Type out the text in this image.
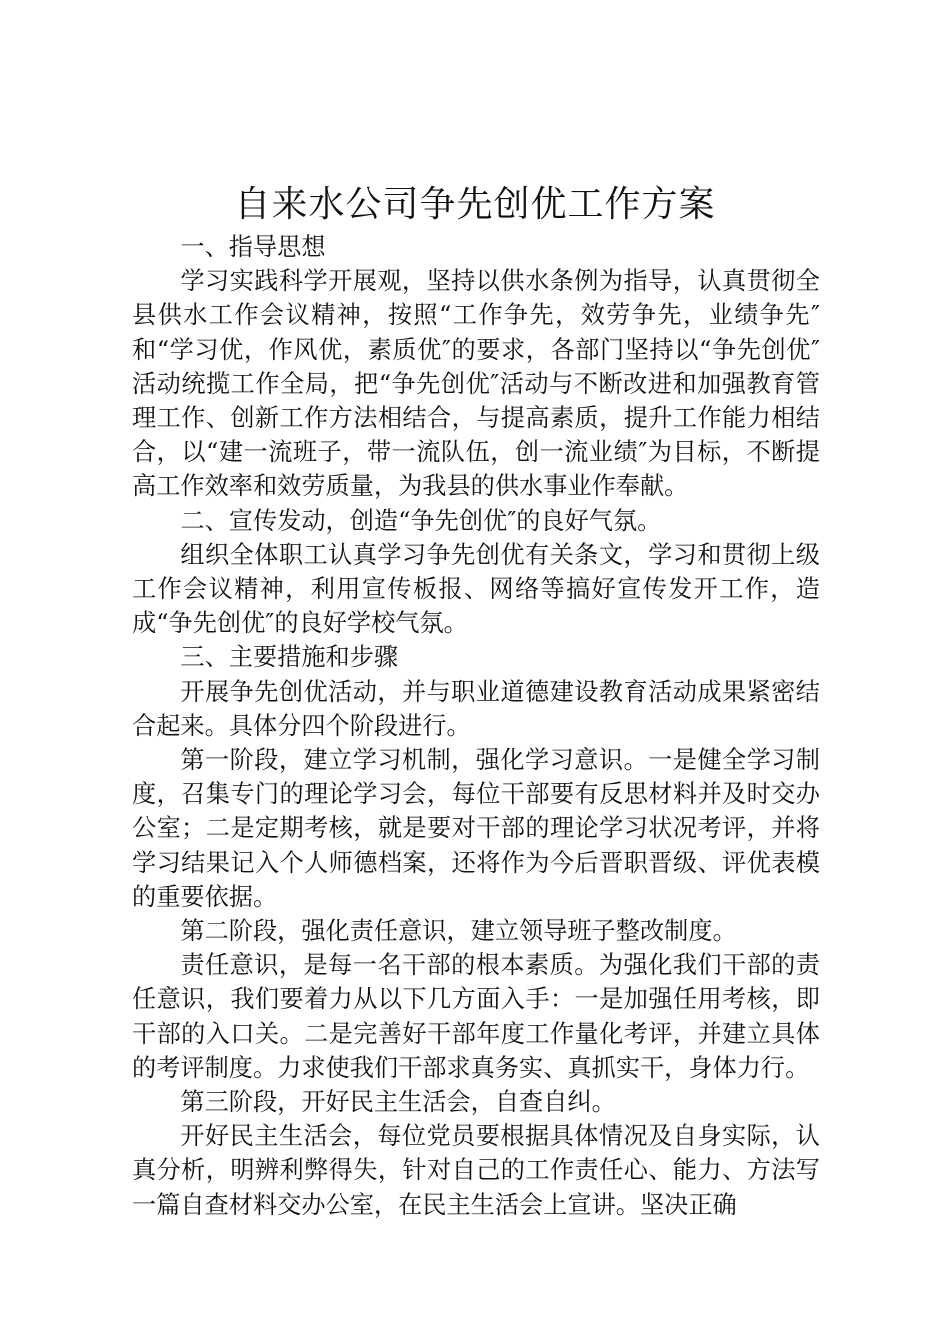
自来水公司争先创优工作方案

一、指导思想

学习实践科学开展观，坚持以供水条例为指导，认真贯彻全县供水工作会议精神，按照“工作争先，效劳争先，业绩争先″和“学习优，作风优，素质优″的要求，各部门坚持以“争先创优″活动统揽工作全局，把“争先创优″活动与不断改进和加强教育管理工作、创新工作方法相结合，与提高素质，提升工作能力相结合，以“建一流班子，带一流队伍，创一流业绩″为目标，不断提高工作效率和效劳质量，为我县的供水事业作奉献。

二、宣传发动，创造“争先创优″的良好气氛。

组织全体职工认真学习争先创优有关条文，学习和贯彻上级工作会议精神，利用宣传板报、网络等搞好宣传发开工作，造成“争先创优″的良好学校气氛。

三、主要措施和步骤

开展争先创优活动，并与职业道德建设教育活动成果紧密结合起来。具体分四个阶段进行。

第一阶段，建立学习机制，强化学习意识。一是健全学习制度，召集专门的理论学习会，每位干部要有反思材料并及时交办公室；二是定期考核，就是要对干部的理论学习状况考评，并将学习结果记入个人师德档案，还将作为今后晋职晋级、评优表模的重要依据。

第二阶段，强化责任意识，建立领导班子整改制度。

责任意识，是每一名干部的根本素质。为强化我们干部的责任意识，我们要着力从以下几方面入手：一是加强任用考核，即干部的入口关。二是完善好干部年度工作量化考评，并建立具体的考评制度。力求使我们干部求真务实、真抓实干，身体力行。

第三阶段，开好民主生活会，自查自纠。

开好民主生活会，每位党员要根据具体情况及自身实际，认真分析，明辨利弊得失，针对自己的工作责任心、能力、方法写一篇自查材料交办公室，在民主生活会上宣讲。坚决正确
